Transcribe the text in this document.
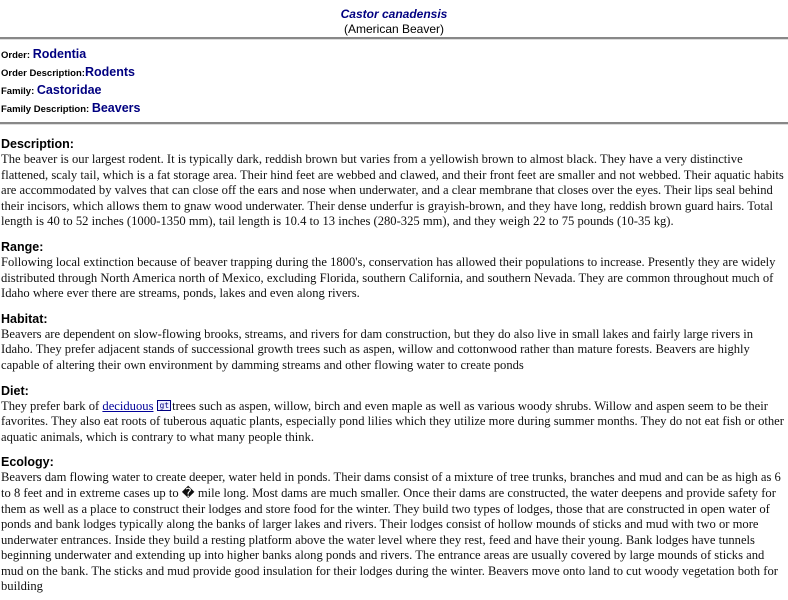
Castor canadensis
(American Beaver)
Order: Rodentia
Order Description:Rodents
Family: Castoridae
Family Description: Beavers
Description:
The beaver is our largest rodent. It is typically dark, reddish brown but varies from a yellowish brown to almost black. They have a very distinctive flattened, scaly tail, which is a fat storage area. Their hind feet are webbed and clawed, and their front feet are smaller and not webbed. Their aquatic habits are accommodated by valves that can close off the ears and nose when underwater, and a clear membrane that closes over the eyes. Their lips seal behind their incisors, which allows them to gnaw wood underwater. Their dense underfur is grayish-brown, and they have long, reddish brown guard hairs. Total length is 40 to 52 inches (1000-1350 mm), tail length is 10.4 to 13 inches (280-325 mm), and they weigh 22 to 75 pounds (10-35 kg).
Range:
Following local extinction because of beaver trapping during the 1800's, conservation has allowed their populations to increase. Presently they are widely distributed through North America north of Mexico, excluding Florida, southern California, and southern Nevada. They are common throughout much of Idaho where ever there are streams, ponds, lakes and even along rivers.
Habitat:
Beavers are dependent on slow-flowing brooks, streams, and rivers for dam construction, but they do also live in small lakes and fairly large rivers in Idaho. They prefer adjacent stands of successional growth trees such as aspen, willow and cottonwood rather than mature forests. Beavers are highly capable of altering their own environment by damming streams and other flowing water to create ponds
Diet:
They prefer bark of deciduous gt trees such as aspen, willow, birch and even maple as well as various woody shrubs. Willow and aspen seem to be their favorites. They also eat roots of tuberous aquatic plants, especially pond lilies which they utilize more during summer months. They do not eat fish or other aquatic animals, which is contrary to what many people think.
Ecology:
Beavers dam flowing water to create deeper, water held in ponds. Their dams consist of a mixture of tree trunks, branches and mud and can be as high as 6 to 8 feet and in extreme cases up to � mile long. Most dams are much smaller. Once their dams are constructed, the water deepens and provide safety for them as well as a place to construct their lodges and store food for the winter. They build two types of lodges, those that are constructed in open water of ponds and bank lodges typically along the banks of larger lakes and rivers. Their lodges consist of hollow mounds of sticks and mud with two or more underwater entrances. Inside they build a resting platform above the water level where they rest, feed and have their young. Bank lodges have tunnels beginning underwater and extending up into higher banks along ponds and rivers. The entrance areas are usually covered by large mounds of sticks and mud on the bank. The sticks and mud provide good insulation for their lodges during the winter. Beavers move onto land to cut woody vegetation both for building
